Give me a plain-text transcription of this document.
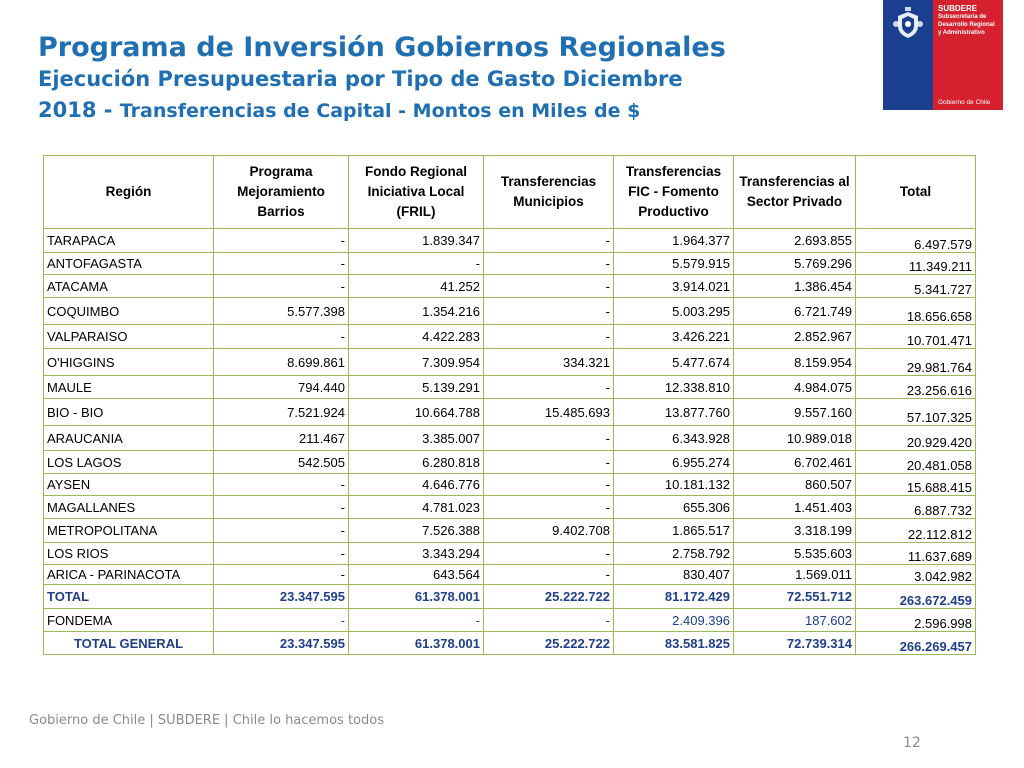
Programa de Inversión Gobiernos Regionales
Ejecución Presupuestaria por Tipo de Gasto Diciembre
2018 - Transferencias de Capital - Montos en Miles de $
SUBDERE
Subsecretaría de
Desarrollo Regional
y Administrativo
Gobierno de Chile
Región	Programa Mejoramiento Barrios	Fondo Regional Iniciativa Local (FRIL)	Transferencias Municipios	Transferencias FIC - Fomento Productivo	Transferencias al Sector Privado	Total
TARAPACA	-	1.839.347	-	1.964.377	2.693.855	6.497.579
ANTOFAGASTA	-	-	-	5.579.915	5.769.296	11.349.211
ATACAMA	-	41.252	-	3.914.021	1.386.454	5.341.727
COQUIMBO	5.577.398	1.354.216	-	5.003.295	6.721.749	18.656.658
VALPARAISO	-	4.422.283	-	3.426.221	2.852.967	10.701.471
O'HIGGINS	8.699.861	7.309.954	334.321	5.477.674	8.159.954	29.981.764
MAULE	794.440	5.139.291	-	12.338.810	4.984.075	23.256.616
BIO - BIO	7.521.924	10.664.788	15.485.693	13.877.760	9.557.160	57.107.325
ARAUCANIA	211.467	3.385.007	-	6.343.928	10.989.018	20.929.420
LOS LAGOS	542.505	6.280.818	-	6.955.274	6.702.461	20.481.058
AYSEN	-	4.646.776	-	10.181.132	860.507	15.688.415
MAGALLANES	-	4.781.023	-	655.306	1.451.403	6.887.732
METROPOLITANA	-	7.526.388	9.402.708	1.865.517	3.318.199	22.112.812
LOS RIOS	-	3.343.294	-	2.758.792	5.535.603	11.637.689
ARICA - PARINACOTA	-	643.564	-	830.407	1.569.011	3.042.982
TOTAL	23.347.595	61.378.001	25.222.722	81.172.429	72.551.712	263.672.459
FONDEMA	-	-	-	2.409.396	187.602	2.596.998
TOTAL GENERAL	23.347.595	61.378.001	25.222.722	83.581.825	72.739.314	266.269.457
Gobierno de Chile | SUBDERE | Chile lo hacemos todos
12
